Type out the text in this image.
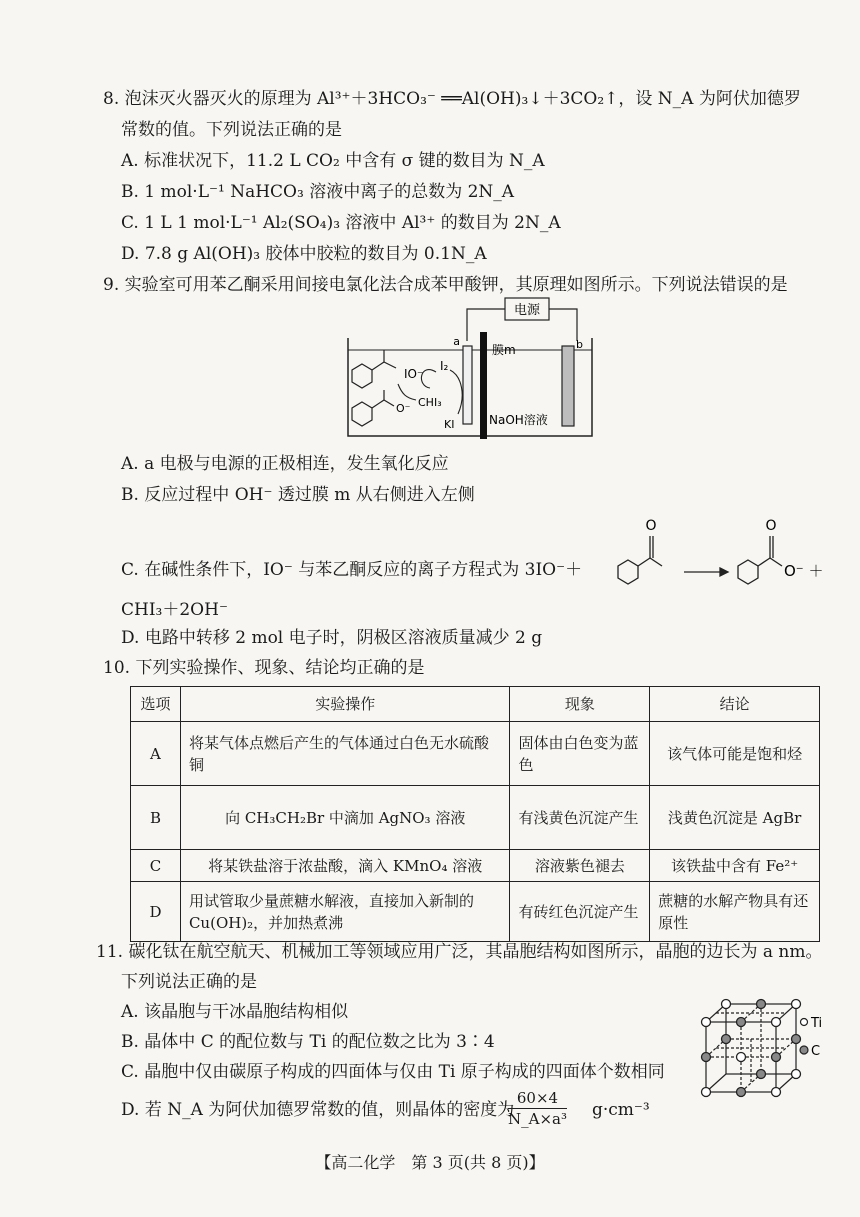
8. 泡沫灭火器灭火的原理为 Al³⁺＋3HCO₃⁻ ══Al(OH)₃↓＋3CO₂↑，设 N_A 为阿伏加德罗
常数的值。下列说法正确的是
A. 标准状况下，11.2 L CO₂ 中含有 σ 键的数目为 N_A
B. 1 mol·L⁻¹ NaHCO₃ 溶液中离子的总数为 2N_A
C. 1 L 1 mol·L⁻¹ Al₂(SO₄)₃ 溶液中 Al³⁺ 的数目为 2N_A
D. 7.8 g Al(OH)₃ 胶体中胶粒的数目为 0.1N_A
9. 实验室可用苯乙酮采用间接电氯化法合成苯甲酸钾，其原理如图所示。下列说法错误的是
电源
a
膜m	b
NaOH溶液
O⁻
IO⁻
I₂
CHI₃
KI
A. a 电极与电源的正极相连，发生氧化反应
B. 反应过程中 OH⁻ 透过膜 m 从右侧进入左侧
C. 在碱性条件下，IO⁻ 与苯乙酮反应的离子方程式为 3IO⁻＋
O	O
O⁻ ＋
CHI₃＋2OH⁻
D. 电路中转移 2 mol 电子时，阴极区溶液质量减少 2 g
10. 下列实验操作、现象、结论均正确的是
选项	实验操作	现象	结论
A	将某气体点燃后产生的气体通过白色无水硫酸铜	固体由白色变为蓝色	该气体可能是饱和烃
B	向 CH₃CH₂Br 中滴加 AgNO₃ 溶液	有浅黄色沉淀产生	浅黄色沉淀是 AgBr
C	将某铁盐溶于浓盐酸，滴入 KMnO₄ 溶液	溶液紫色褪去	该铁盐中含有 Fe²⁺
D	用试管取少量蔗糖水解液，直接加入新制的 Cu(OH)₂，并加热煮沸	有砖红色沉淀产生	蔗糖的水解产物具有还原性
11. 碳化钛在航空航天、机械加工等领域应用广泛，其晶胞结构如图所示，晶胞的边长为 a nm。
下列说法正确的是
A. 该晶胞与干冰晶胞结构相似
B. 晶体中 C 的配位数与 Ti 的配位数之比为 3∶4
C. 晶胞中仅由碳原子构成的四面体与仅由 Ti 原子构成的四面体个数相同
D. 若 N_A 为阿伏加德罗常数的值，则晶体的密度为
$\frac{60\times 4}{\text{N\_A×a³}} g\cdot cm^{-3}$
Ti
C
【高二化学　第 3 页(共 8 页)】
